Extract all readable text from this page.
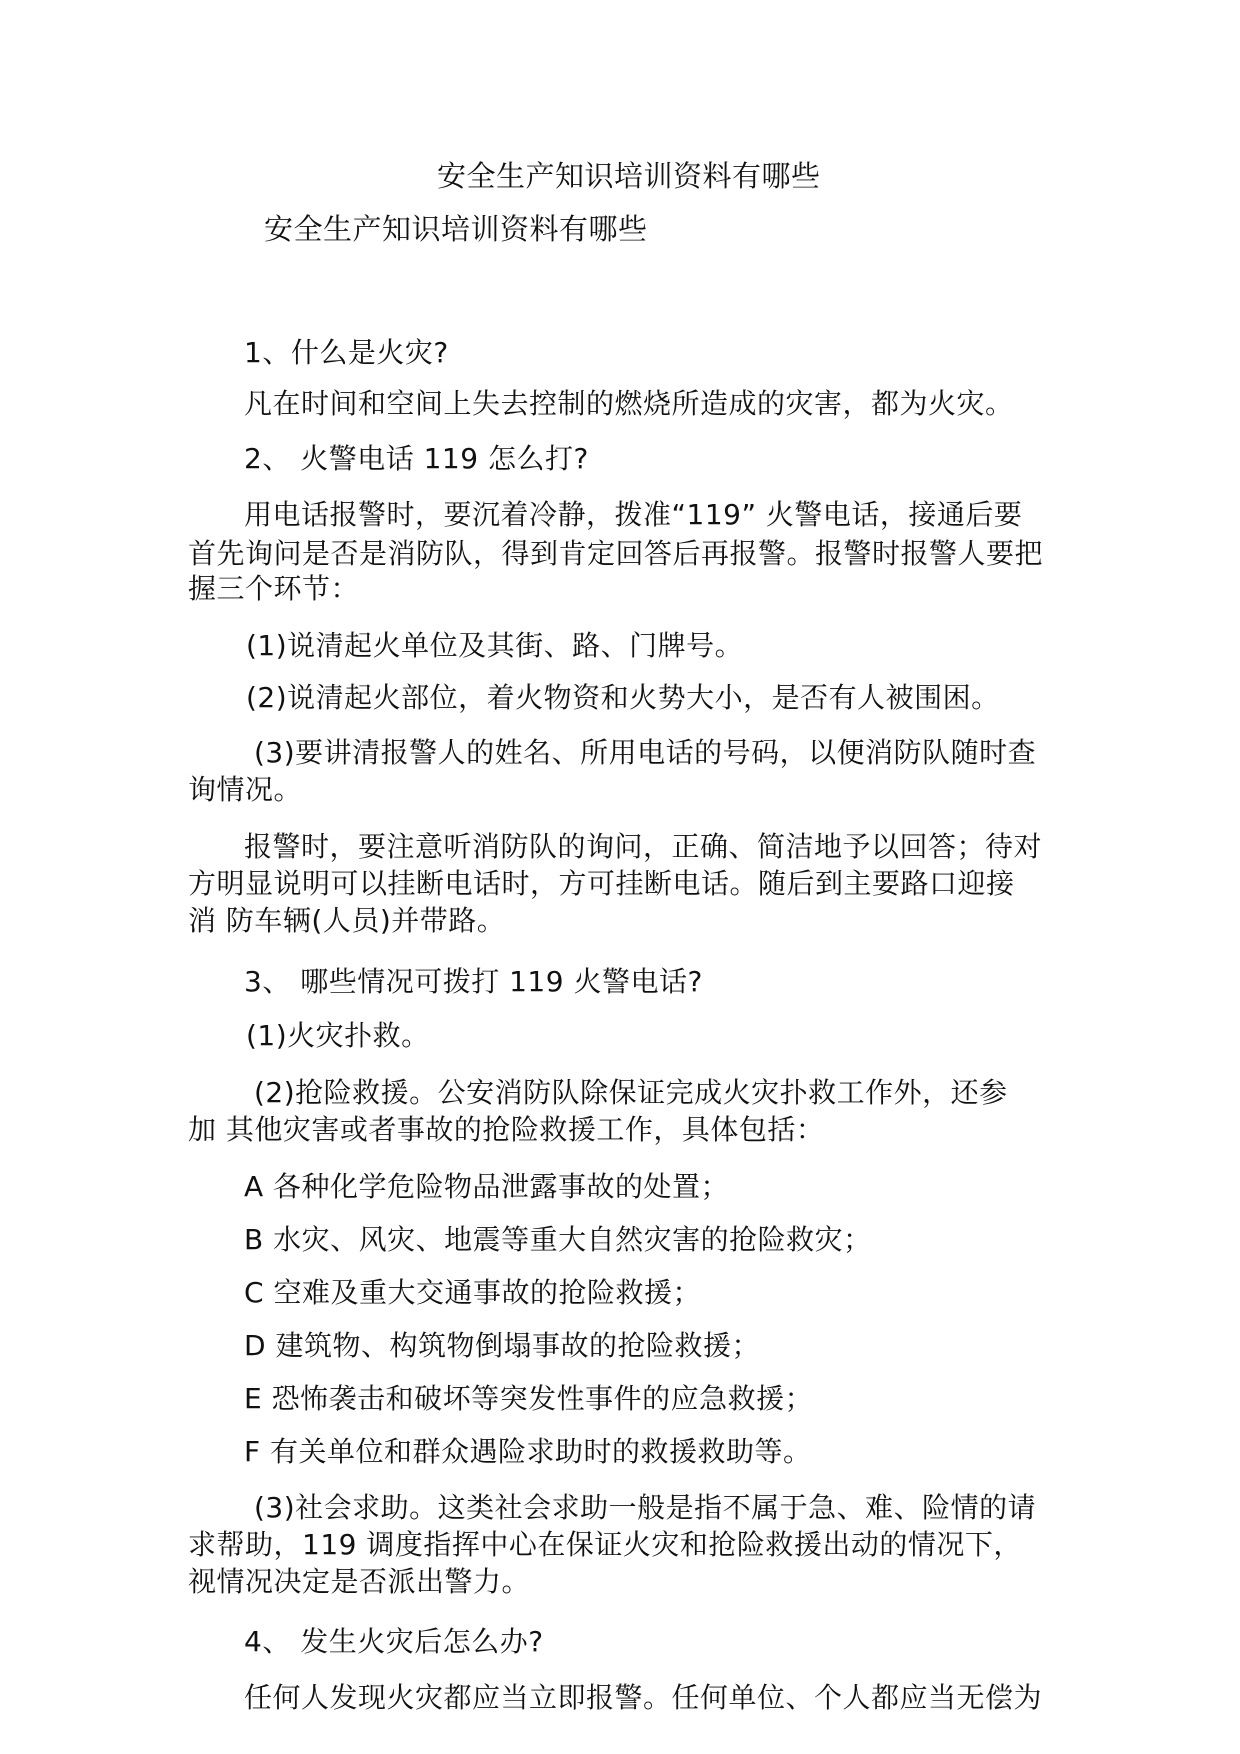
安全生产知识培训资料有哪些

安全生产知识培训资料有哪些

1、什么是火灾?

凡在时间和空间上失去控制的燃烧所造成的灾害，都为火灾。

2、 火警电话 119 怎么打?

用电话报警时，要沉着冷静，拨准“119” 火警电话，接通后要

首先询问是否是消防队，得到肯定回答后再报警。报警时报警人要把

握三个环节：

(1)说清起火单位及其街、路、门牌号。

(2)说清起火部位，着火物资和火势大小，是否有人被围困。

(3)要讲清报警人的姓名、所用电话的号码，以便消防队随时查

询情况。

报警时，要注意听消防队的询问，正确、简洁地予以回答；待对

方明显说明可以挂断电话时，方可挂断电话。随后到主要路口迎接

消 防车辆(人员)并带路。

3、 哪些情况可拨打 119 火警电话?

(1)火灾扑救。

(2)抢险救援。公安消防队除保证完成火灾扑救工作外，还参

加 其他灾害或者事故的抢险救援工作，具体包括：

A 各种化学危险物品泄露事故的处置；

B 水灾、风灾、地震等重大自然灾害的抢险救灾；

C 空难及重大交通事故的抢险救援；

D 建筑物、构筑物倒塌事故的抢险救援；

E 恐怖袭击和破坏等突发性事件的应急救援；

F 有关单位和群众遇险求助时的救援救助等。

(3)社会求助。这类社会求助一般是指不属于急、难、险情的请

求帮助，119 调度指挥中心在保证火灾和抢险救援出动的情况下，

视情况决定是否派出警力。

4、 发生火灾后怎么办?

任何人发现火灾都应当立即报警。任何单位、个人都应当无偿为
